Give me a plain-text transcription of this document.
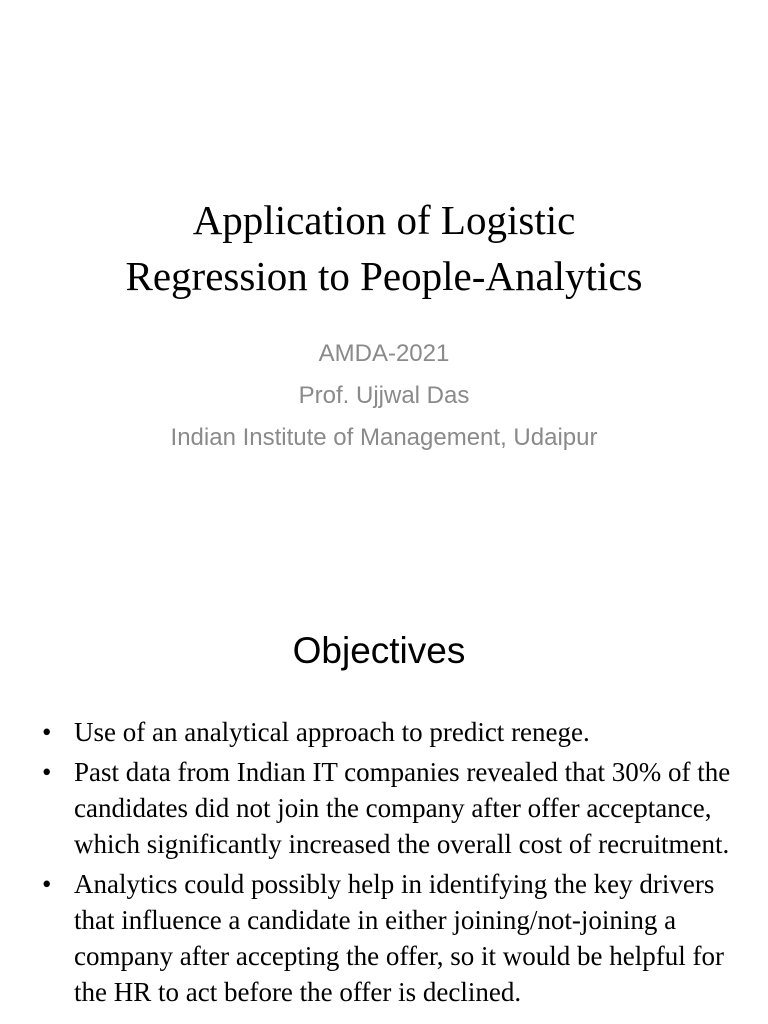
Application of Logistic
Regression to People-Analytics
AMDA-2021
Prof. Ujjwal Das
Indian Institute of Management, Udaipur
Objectives
• Use of an analytical approach to predict renege.
• Past data from Indian IT companies revealed that 30% of the candidates did not join the company after offer acceptance, which significantly increased the overall cost of recruitment.
• Analytics could possibly help in identifying the key drivers that influence a candidate in either joining/not-joining a company after accepting the offer, so it would be helpful for the HR to act before the offer is declined.
